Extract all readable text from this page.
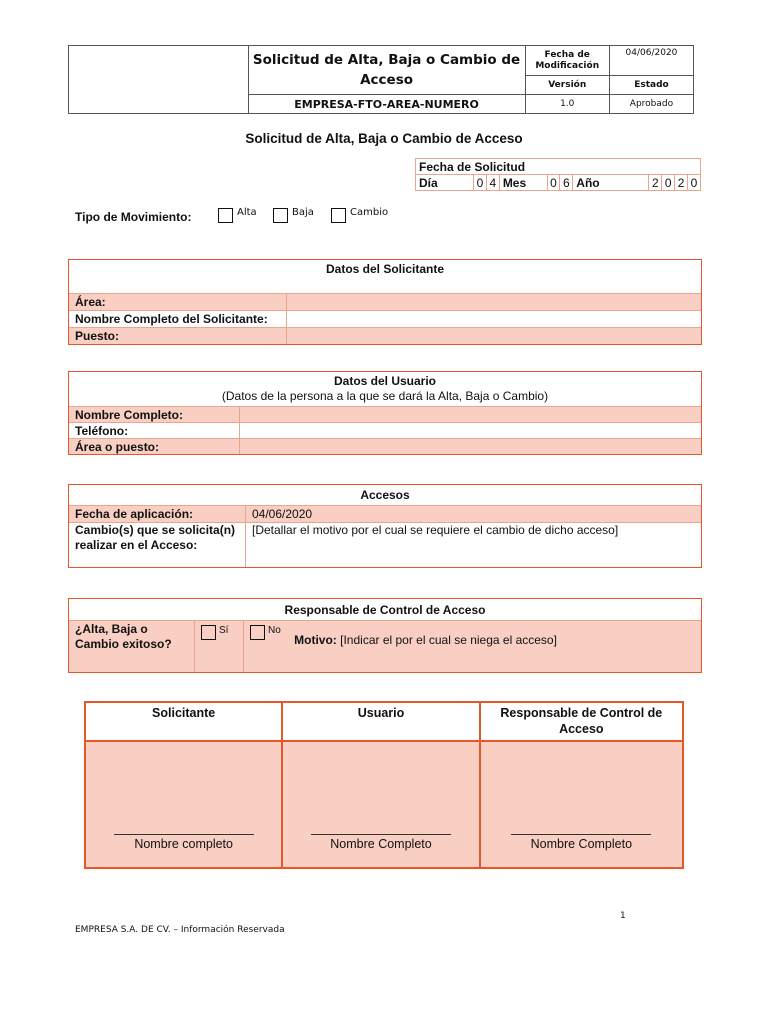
	Solicitud de Alta, Baja o Cambio de Acceso	Fecha de Modificación	04/06/2020
		Versión	Estado
	EMPRESA-FTO-AREA-NUMERO	1.0	Aprobado
Solicitud de Alta, Baja o Cambio de Acceso
Fecha de Solicitud
Día	0	4	Mes	0	6	Año	2	0	2	0
Tipo de Movimiento:	Alta	Baja	Cambio
Datos del Solicitante	
Área:	
Nombre Completo del Solicitante:	
Puesto:	
Datos del Usuario
(Datos de la persona a la que se dará la Alta, Baja o Cambio)	

Nombre Completo:	
Teléfono:	
Área o puesto:	
Accesos	
Fecha de aplicación:	04/06/2020
Cambio(s) que se solicita(n) realizar en el Acceso:	[Detallar el motivo por el cual se requiere el cambio de dicho acceso]
Responsable de Control de Acceso
¿Alta, Baja o Cambio exitoso?	$^{Sí}$	$^{No}$ Motivo: [Indicar el por el cual se niega el acceso]
Solicitante	Usuario	Responsable de Control de Acceso

Nombre completo	Nombre Completo	Nombre Completo
1
EMPRESA S.A. DE CV. – Información Reservada
